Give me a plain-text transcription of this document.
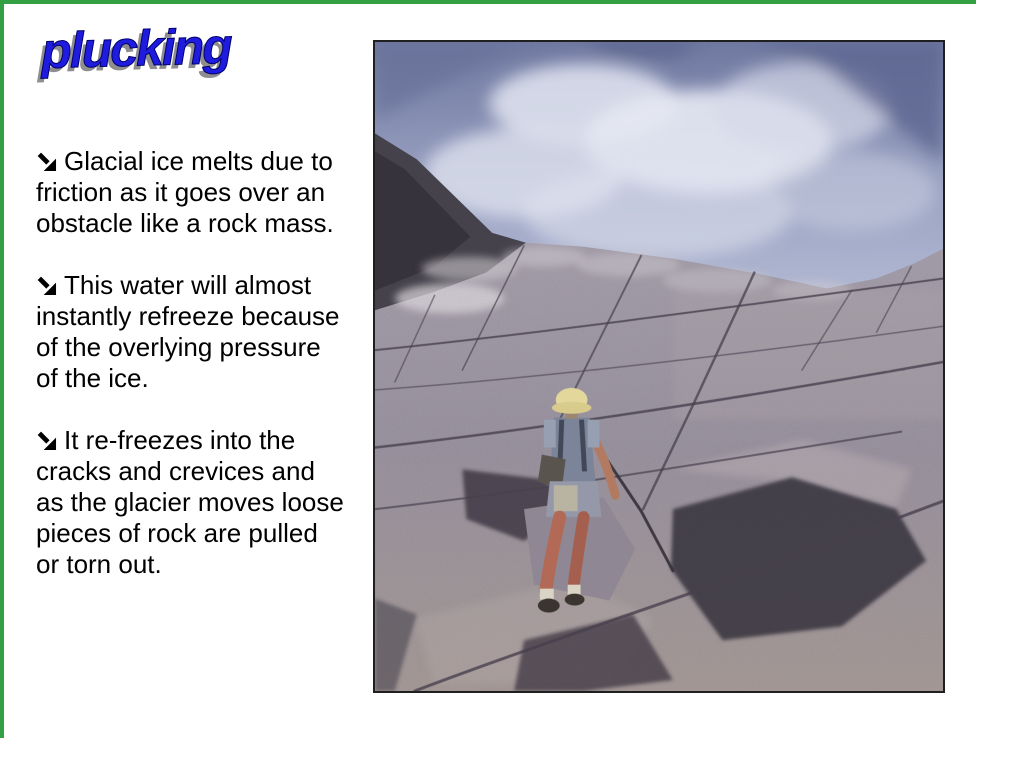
plucking

Glacial ice melts due to
friction as it goes over an
obstacle like a rock mass.

This water will almost
instantly refreeze because
of the overlying pressure
of the ice.

It re-freezes into the
cracks and crevices and
as the glacier moves loose
pieces of rock are pulled
or torn out.
